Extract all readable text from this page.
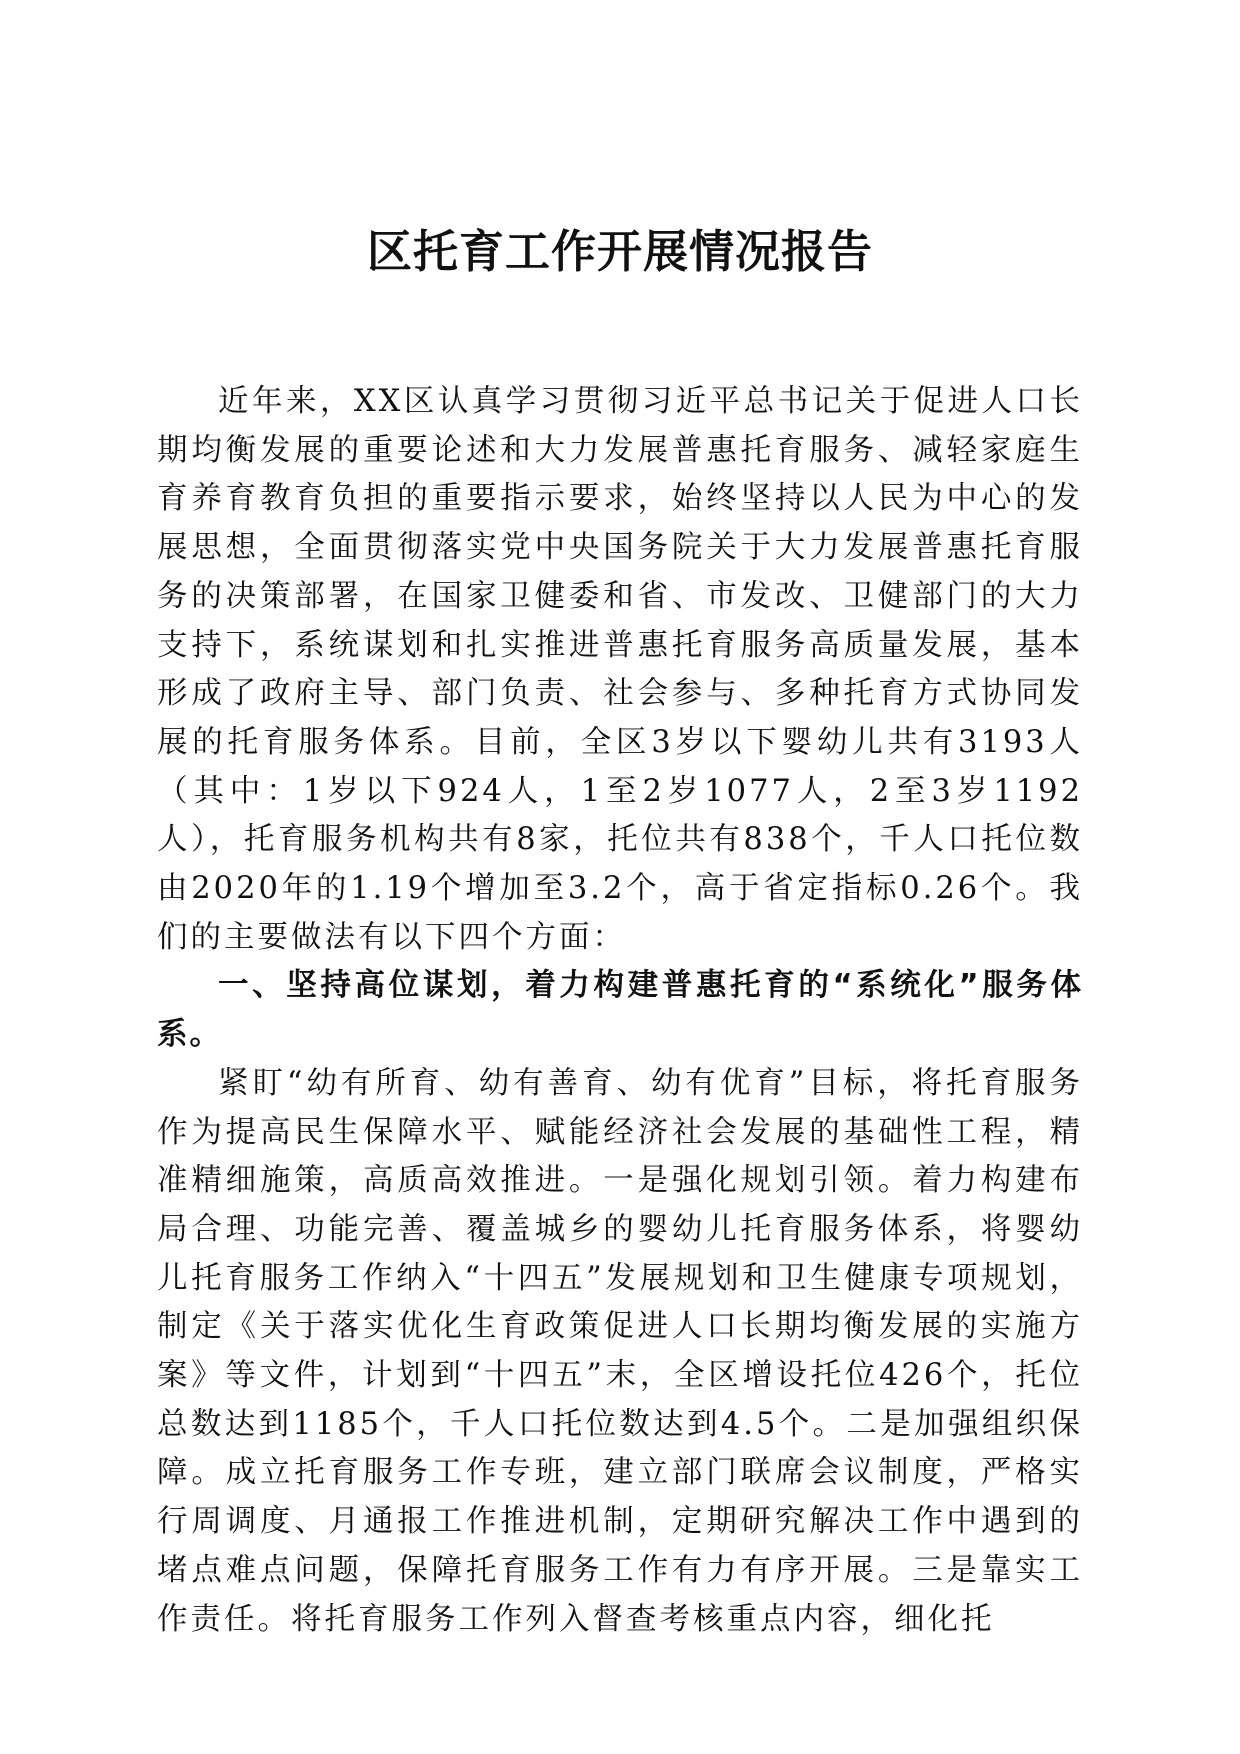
区托育工作开展情况报告

近年来，XX区认真学习贯彻习近平总书记关于促进人口长期均衡发展的重要论述和大力发展普惠托育服务、减轻家庭生育养育教育负担的重要指示要求，始终坚持以人民为中心的发展思想，全面贯彻落实党中央国务院关于大力发展普惠托育服务的决策部署，在国家卫健委和省、市发改、卫健部门的大力支持下，系统谋划和扎实推进普惠托育服务高质量发展，基本形成了政府主导、部门负责、社会参与、多种托育方式协同发展的托育服务体系。目前，全区3岁以下婴幼儿共有3193人（其中：1岁以下924人，1至2岁1077人，2至3岁1192人），托育服务机构共有8家，托位共有838个，千人口托位数由2020年的1.19个增加至3.2个，高于省定指标0.26个。我们的主要做法有以下四个方面：

一、坚持高位谋划，着力构建普惠托育的“系统化”服务体系。

紧盯“幼有所育、幼有善育、幼有优育”目标，将托育服务作为提高民生保障水平、赋能经济社会发展的基础性工程，精准精细施策，高质高效推进。一是强化规划引领。着力构建布局合理、功能完善、覆盖城乡的婴幼儿托育服务体系，将婴幼儿托育服务工作纳入“十四五”发展规划和卫生健康专项规划，制定《关于落实优化生育政策促进人口长期均衡发展的实施方案》等文件，计划到“十四五”末，全区增设托位426个，托位总数达到1185个，千人口托位数达到4.5个。二是加强组织保障。成立托育服务工作专班，建立部门联席会议制度，严格实行周调度、月通报工作推进机制，定期研究解决工作中遇到的堵点难点问题，保障托育服务工作有力有序开展。三是靠实工作责任。将托育服务工作列入督查考核重点内容，细化托
